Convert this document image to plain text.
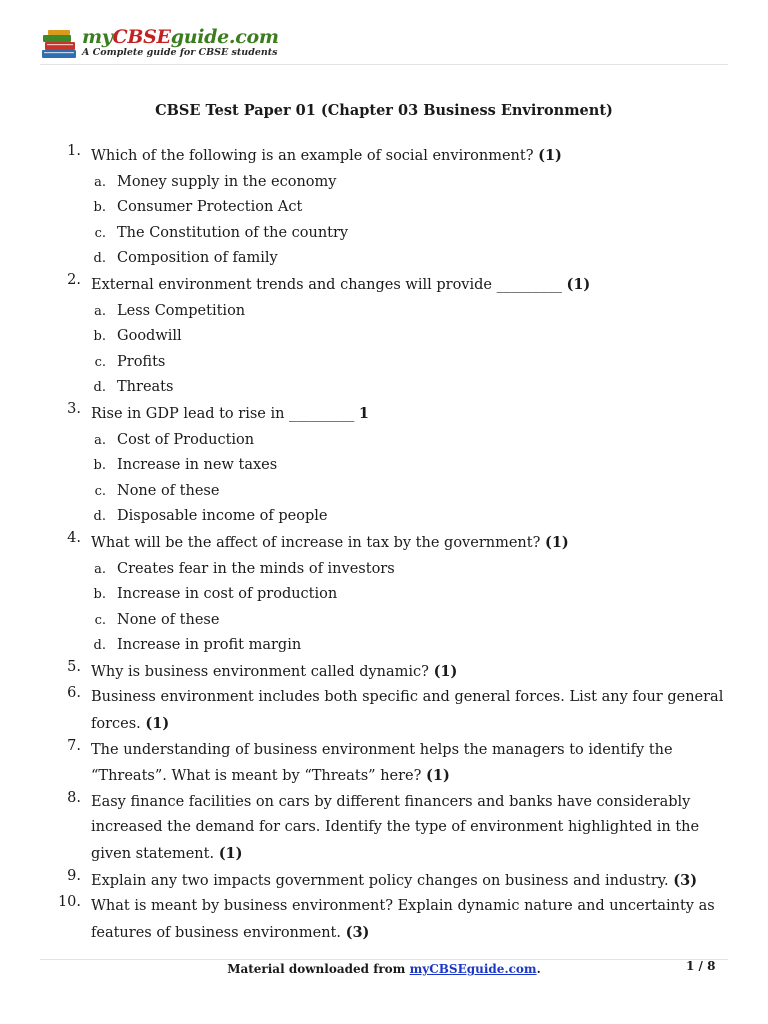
myCBSEguide.com
A Complete guide for CBSE students
CBSE Test Paper 01 (Chapter 03 Business Environment)
1. Which of the following is an example of social environment? (1)
a. Money supply in the economy
b. Consumer Protection Act
c. The Constitution of the country
d. Composition of family
2. External environment trends and changes will provide _________ (1)
a. Less Competition
b. Goodwill
c. Profits
d. Threats
3. Rise in GDP lead to rise in _________ 1
a. Cost of Production
b. Increase in new taxes
c. None of these
d. Disposable income of people
4. What will be the affect of increase in tax by the government? (1)
a. Creates fear in the minds of investors
b. Increase in cost of production
c. None of these
d. Increase in profit margin
5. Why is business environment called dynamic? (1)
6. Business environment includes both specific and general forces. List any four general forces. (1)
7. The understanding of business environment helps the managers to identify the “Threats”. What is meant by “Threats” here? (1)
8. Easy finance facilities on cars by different financers and banks have considerably increased the demand for cars. Identify the type of environment highlighted in the given statement. (1)
9. Explain any two impacts government policy changes on business and industry. (3)
10. What is meant by business environment? Explain dynamic nature and uncertainty as features of business environment. (3)
Material downloaded from myCBSEguide.com.	1 / 8
